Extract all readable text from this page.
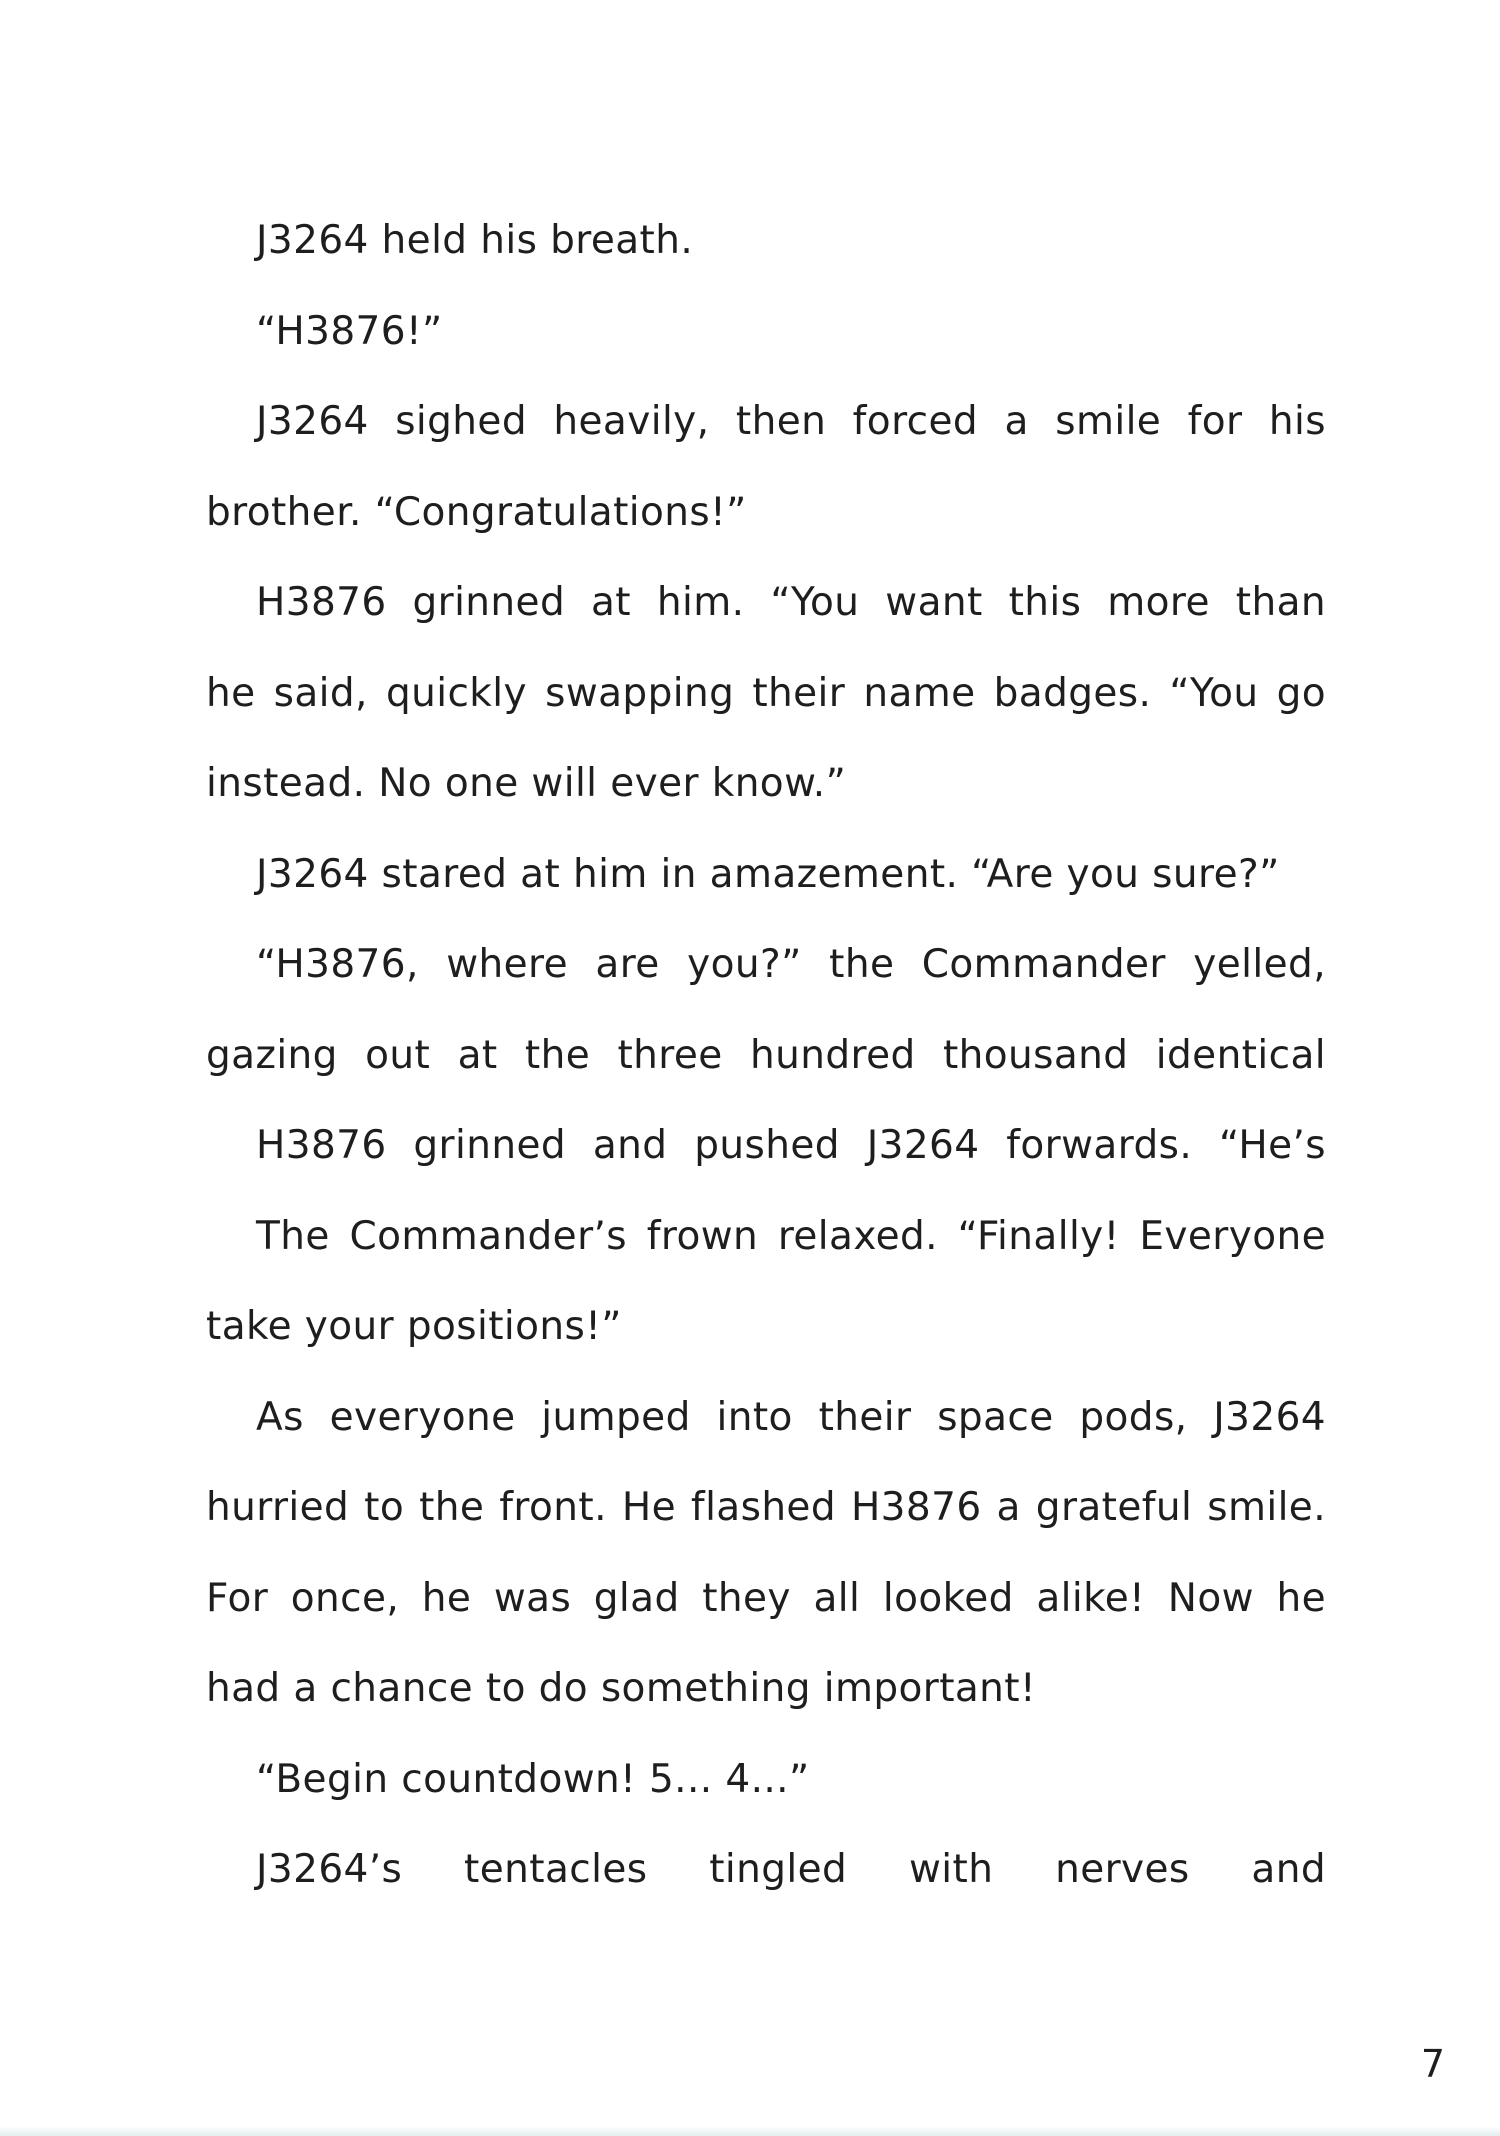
J3264 held his breath.
“H3876!”
J3264 sighed heavily, then forced a smile for his
brother. “Congratulations!”
H3876 grinned at him. “You want this more than
he said, quickly swapping their name badges. “You go
instead. No one will ever know.”
J3264 stared at him in amazement. “Are you sure?”
“H3876, where are you?” the Commander yelled,
gazing out at the three hundred thousand identical
H3876 grinned and pushed J3264 forwards. “He’s
The Commander’s frown relaxed. “Finally! Everyone
take your positions!”
As everyone jumped into their space pods, J3264
hurried to the front. He flashed H3876 a grateful smile.
For once, he was glad they all looked alike! Now he
had a chance to do something important!
“Begin countdown! 5... 4...”
J3264’s tentacles tingled with nerves and
7
